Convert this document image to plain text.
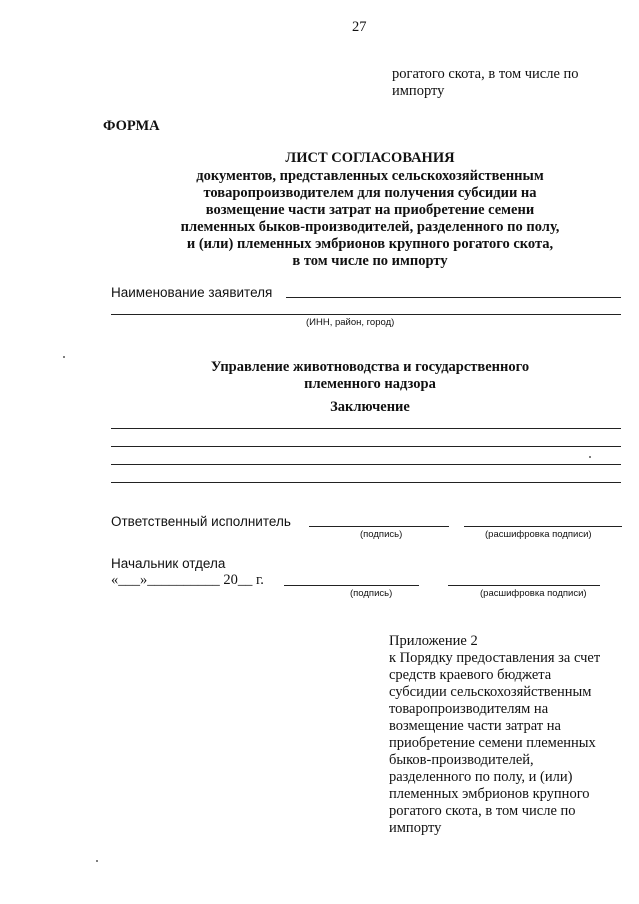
27
рогатого скота, в том числе по
импорту
ФОРМА
ЛИСТ СОГЛАСОВАНИЯ
документов, представленных сельскохозяйственным
товаропроизводителем для получения субсидии на
возмещение части затрат на приобретение семени
племенных быков-производителей, разделенного по полу,
и (или) племенных эмбрионов крупного рогатого скота,
в том числе по импорту
Наименование заявителя
(ИНН, район, город)
Управление животноводства и государственного
племенного надзора
Заключение
Ответственный исполнитель
(подпись)	(расшифровка подписи)
Начальник отдела
«___»__________ 20__ г.
(подпись)	(расшифровка подписи)
Приложение 2
к Порядку предоставления за счет
средств краевого бюджета
субсидии сельскохозяйственным
товаропроизводителям на
возмещение части затрат на
приобретение семени племенных
быков-производителей,
разделенного по полу, и (или)
племенных эмбрионов крупного
рогатого скота, в том числе по
импорту
